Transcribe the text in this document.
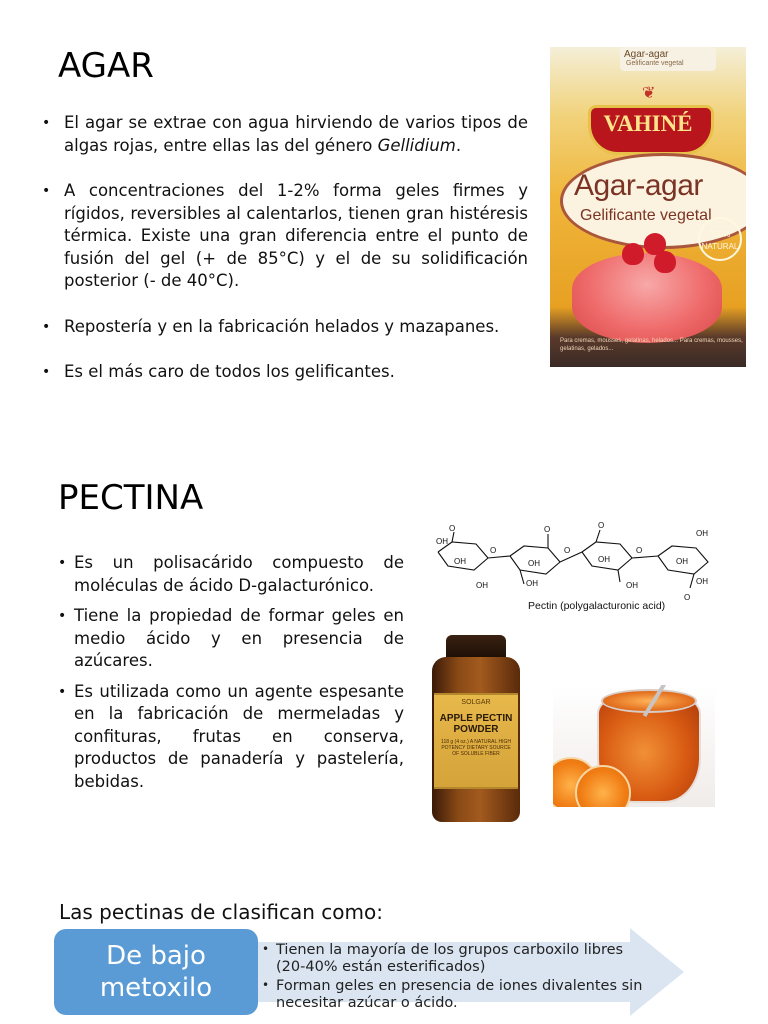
AGAR
• El agar se extrae con agua hirviendo de varios tipos de algas rojas, entre ellas las del género Gellidium.
• A concentraciones del 1-2% forma geles firmes y rígidos, reversibles al calentarlos, tienen gran histéresis térmica. Existe una gran diferencia entre el punto de fusión del gel (+ de 85°C) y el de su solidificación posterior (- de 40°C).
• Repostería y en la fabricación helados y mazapanes.
• Es el más caro de todos los gelificantes.
Agar-agar
Gelificante vegetal
❦
VAHINÉ
Agar-agar
Gelificante vegetal
100% NATURAL
Para cremas, mousses, gelatinas, helados... Para cremas, mousses, gelatinas, gelados...
PECTINA
• Es un polisacárido compuesto de moléculas de ácido D-galacturónico.
• Tiene la propiedad de formar geles en medio ácido y en presencia de azúcares.
• Es utilizada como un agente espesante en la fabricación de mermeladas y confituras, frutas en conserva, productos de panadería y pastelería, bebidas.
O
OH
OH
OH
O
O
OH
OH
O
O
OH
OH
O
OH
OH
O
OH
Pectin (polygalacturonic acid)
SOLGAR
APPLE PECTIN POWDER
118 g (4 oz.) A NATURAL HIGH POTENCY DIETARY SOURCE OF SOLUBLE FIBER
Las pectinas de clasifican como:
De bajo metoxilo
• Tienen la mayoría de los grupos carboxilo libres (20-40% están esterificados)
• Forman geles en presencia de iones divalentes sin necesitar azúcar o ácido.
